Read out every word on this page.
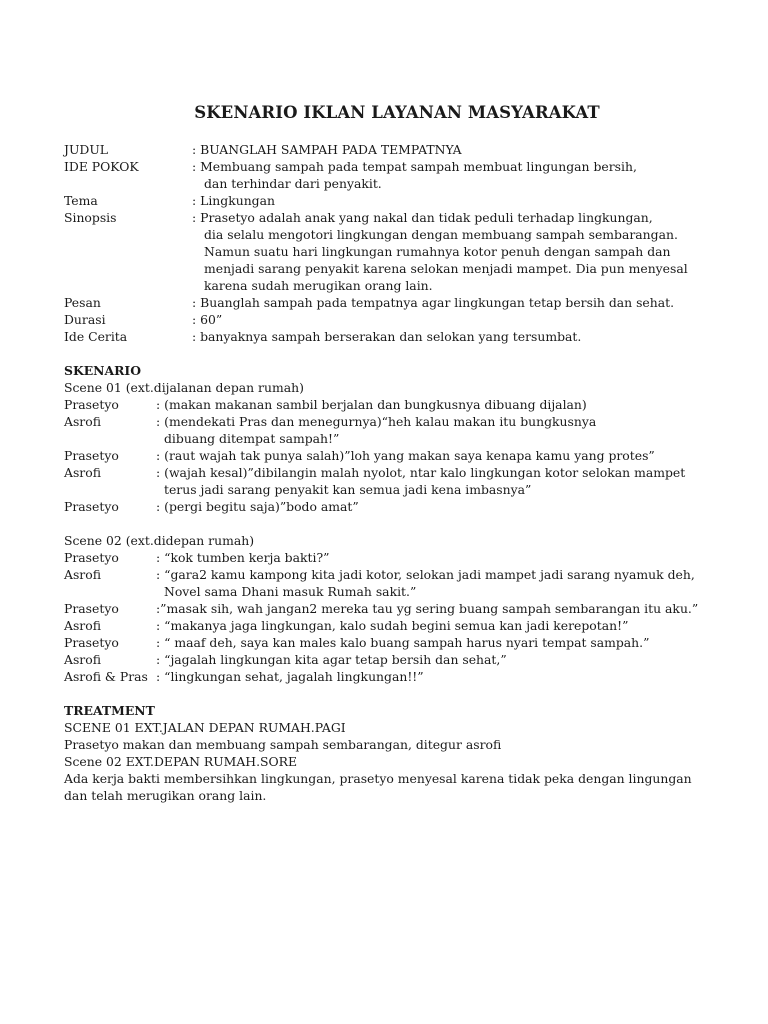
SKENARIO IKLAN LAYANAN MASYARAKAT
JUDUL	: BUANGLAH SAMPAH PADA TEMPATNYA
IDE POKOK	: Membuang sampah pada tempat sampah membuat lingungan bersih,
dan terhindar dari penyakit.
Tema	: Lingkungan
Sinopsis	: Prasetyo adalah anak yang nakal dan tidak peduli terhadap lingkungan,
dia selalu mengotori lingkungan dengan membuang sampah sembarangan.
Namun suatu hari lingkungan rumahnya kotor penuh dengan sampah dan
menjadi sarang penyakit karena selokan menjadi mampet. Dia pun menyesal
karena sudah merugikan orang lain.
Pesan	: Buanglah sampah pada tempatnya agar lingkungan tetap bersih dan sehat.
Durasi	: 60”
Ide Cerita	: banyaknya sampah berserakan dan selokan yang tersumbat.
SKENARIO
Scene 01 (ext.dijalanan depan rumah)
Prasetyo	: (makan makanan sambil berjalan dan bungkusnya dibuang dijalan)
Asrofi	: (mendekati Pras dan menegurnya)“heh kalau makan itu bungkusnya
dibuang ditempat sampah!”
Prasetyo	: (raut wajah tak punya salah)”loh yang makan saya kenapa kamu yang protes”
Asrofi	: (wajah kesal)”dibilangin malah nyolot, ntar kalo lingkungan kotor selokan mampet
terus jadi sarang penyakit kan semua jadi kena imbasnya”
Prasetyo	: (pergi begitu saja)”bodo amat”
Scene 02 (ext.didepan rumah)
Prasetyo	: “kok tumben kerja bakti?”
Asrofi	: “gara2 kamu kampong kita jadi kotor, selokan jadi mampet jadi sarang nyamuk deh,
Novel sama Dhani masuk Rumah sakit.”
Prasetyo	:”masak sih, wah jangan2 mereka tau yg sering buang sampah sembarangan itu aku.”
Asrofi	: “makanya jaga lingkungan, kalo sudah begini semua kan jadi kerepotan!”
Prasetyo	: “ maaf deh, saya kan males kalo buang sampah harus nyari tempat sampah.”
Asrofi	: “jagalah lingkungan kita agar tetap bersih dan sehat,”
Asrofi & Pras : “lingkungan sehat, jagalah lingkungan!!”
TREATMENT
SCENE 01 EXT.JALAN DEPAN RUMAH.PAGI
Prasetyo makan dan membuang sampah sembarangan, ditegur asrofi
Scene 02 EXT.DEPAN RUMAH.SORE
Ada kerja bakti membersihkan lingkungan, prasetyo menyesal karena tidak peka dengan lingungan
dan telah merugikan orang lain.
